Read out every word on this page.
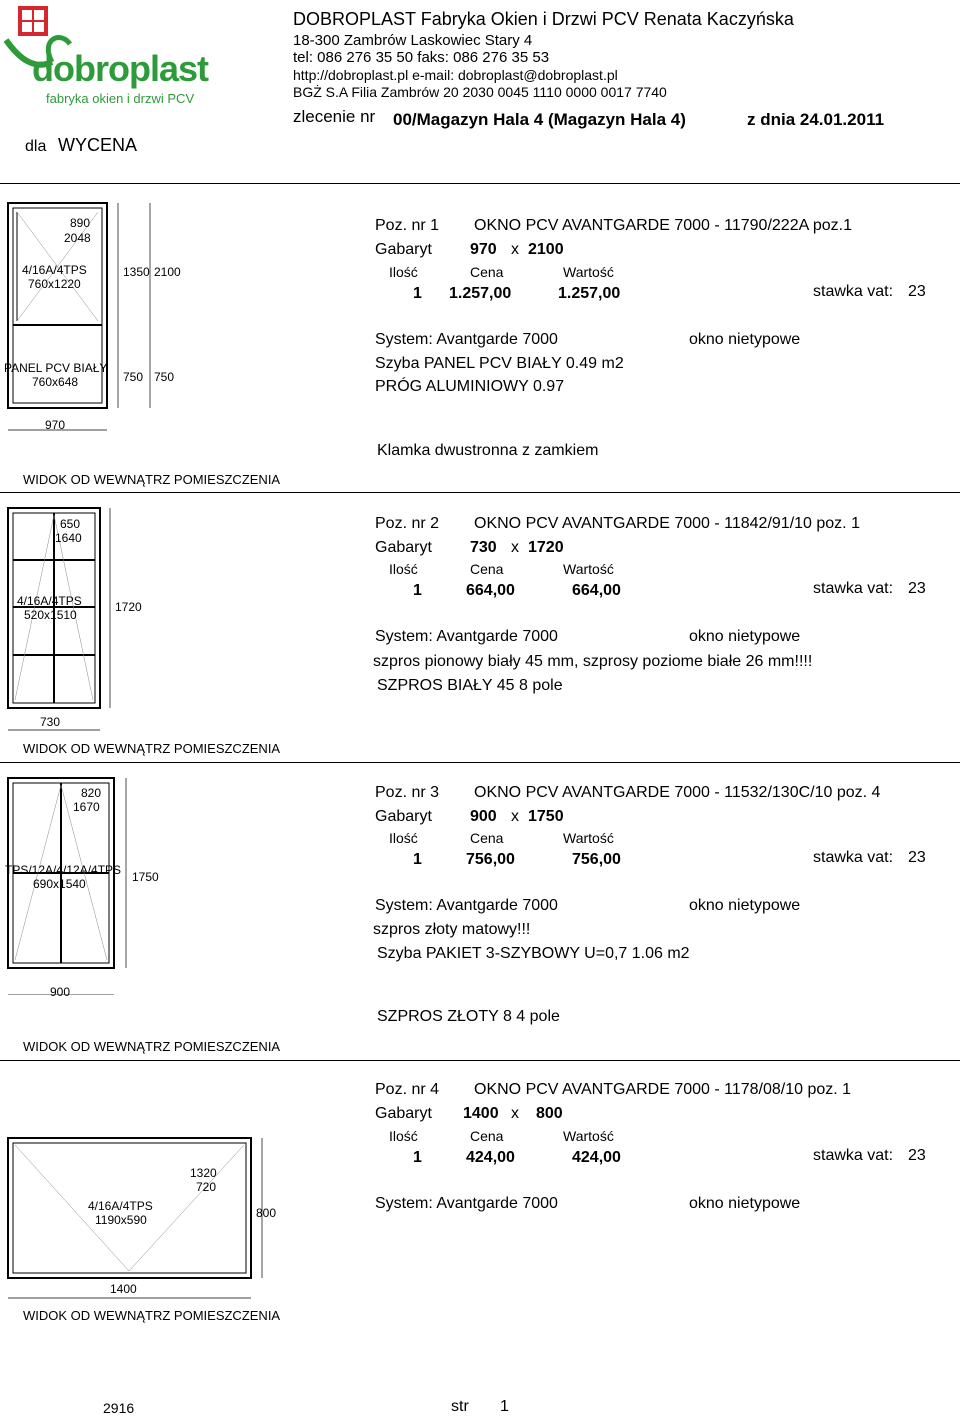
dobroplast
fabryka okien i drzwi PCV
DOBROPLAST Fabryka Okien i Drzwi PCV Renata Kaczyńska
18-300 Zambrów Laskowiec Stary 4
tel: 086 276 35 50 faks: 086 276 35 53
http://dobroplast.pl e-mail: dobroplast@dobroplast.pl
BGŻ S.A Filia Zambrów 20 2030 0045 1110 0000 0017 7740
zlecenie nr 00/Magazyn Hala 4 (Magazyn Hala 4)	z dnia 24.01.2011
dla WYCENA
890
2048
4/16A/4TPS
760x1220
PANEL PCV BIAŁY
760x648
1350 2100
750 750
970
WIDOK OD WEWNĄTRZ POMIESZCZENIA
Poz. nr 1 OKNO PCV AVANTGARDE 7000 - 11790/222A poz.1
Gabaryt 970 x 2100
Ilość	Cena	Wartość
1 1.257,00	1.257,00	stawka vat: 23
System: Avantgarde 7000	okno nietypowe
Szyba PANEL PCV BIAŁY 0.49 m2
PRÓG ALUMINIOWY 0.97
Klamka dwustronna z zamkiem
650
1640
4/16A/4TPS
520x1510
1720
730
WIDOK OD WEWNĄTRZ POMIESZCZENIA
Poz. nr 2 OKNO PCV AVANTGARDE 7000 - 11842/91/10 poz. 1
Gabaryt 730 x 1720
Ilość	Cena	Wartość
1	664,00	664,00	stawka vat: 23
System: Avantgarde 7000	okno nietypowe
szpros pionowy biały 45 mm, szprosy poziome białe 26 mm!!!!
SZPROS BIAŁY 45 8 pole
820
1670
TPS/12A/4/12A/4TPS
690x1540	1750
900
WIDOK OD WEWNĄTRZ POMIESZCZENIA
Poz. nr 3 OKNO PCV AVANTGARDE 7000 - 11532/130C/10 poz. 4
Gabaryt 900 x 1750
Ilość	Cena	Wartość
1	756,00	756,00	stawka vat: 23
System: Avantgarde 7000	okno nietypowe
szpros złoty matowy!!!
Szyba PAKIET 3-SZYBOWY U=0,7 1.06 m2
SZPROS ZŁOTY 8 4 pole
1320
720
4/16A/4TPS
1190x590	800
1400
WIDOK OD WEWNĄTRZ POMIESZCZENIA
Poz. nr 4 OKNO PCV AVANTGARDE 7000 - 1178/08/10 poz. 1
Gabaryt 1400 x 800
Ilość	Cena	Wartość
1	424,00	424,00	stawka vat: 23
System: Avantgarde 7000	okno nietypowe
2916	str 1
